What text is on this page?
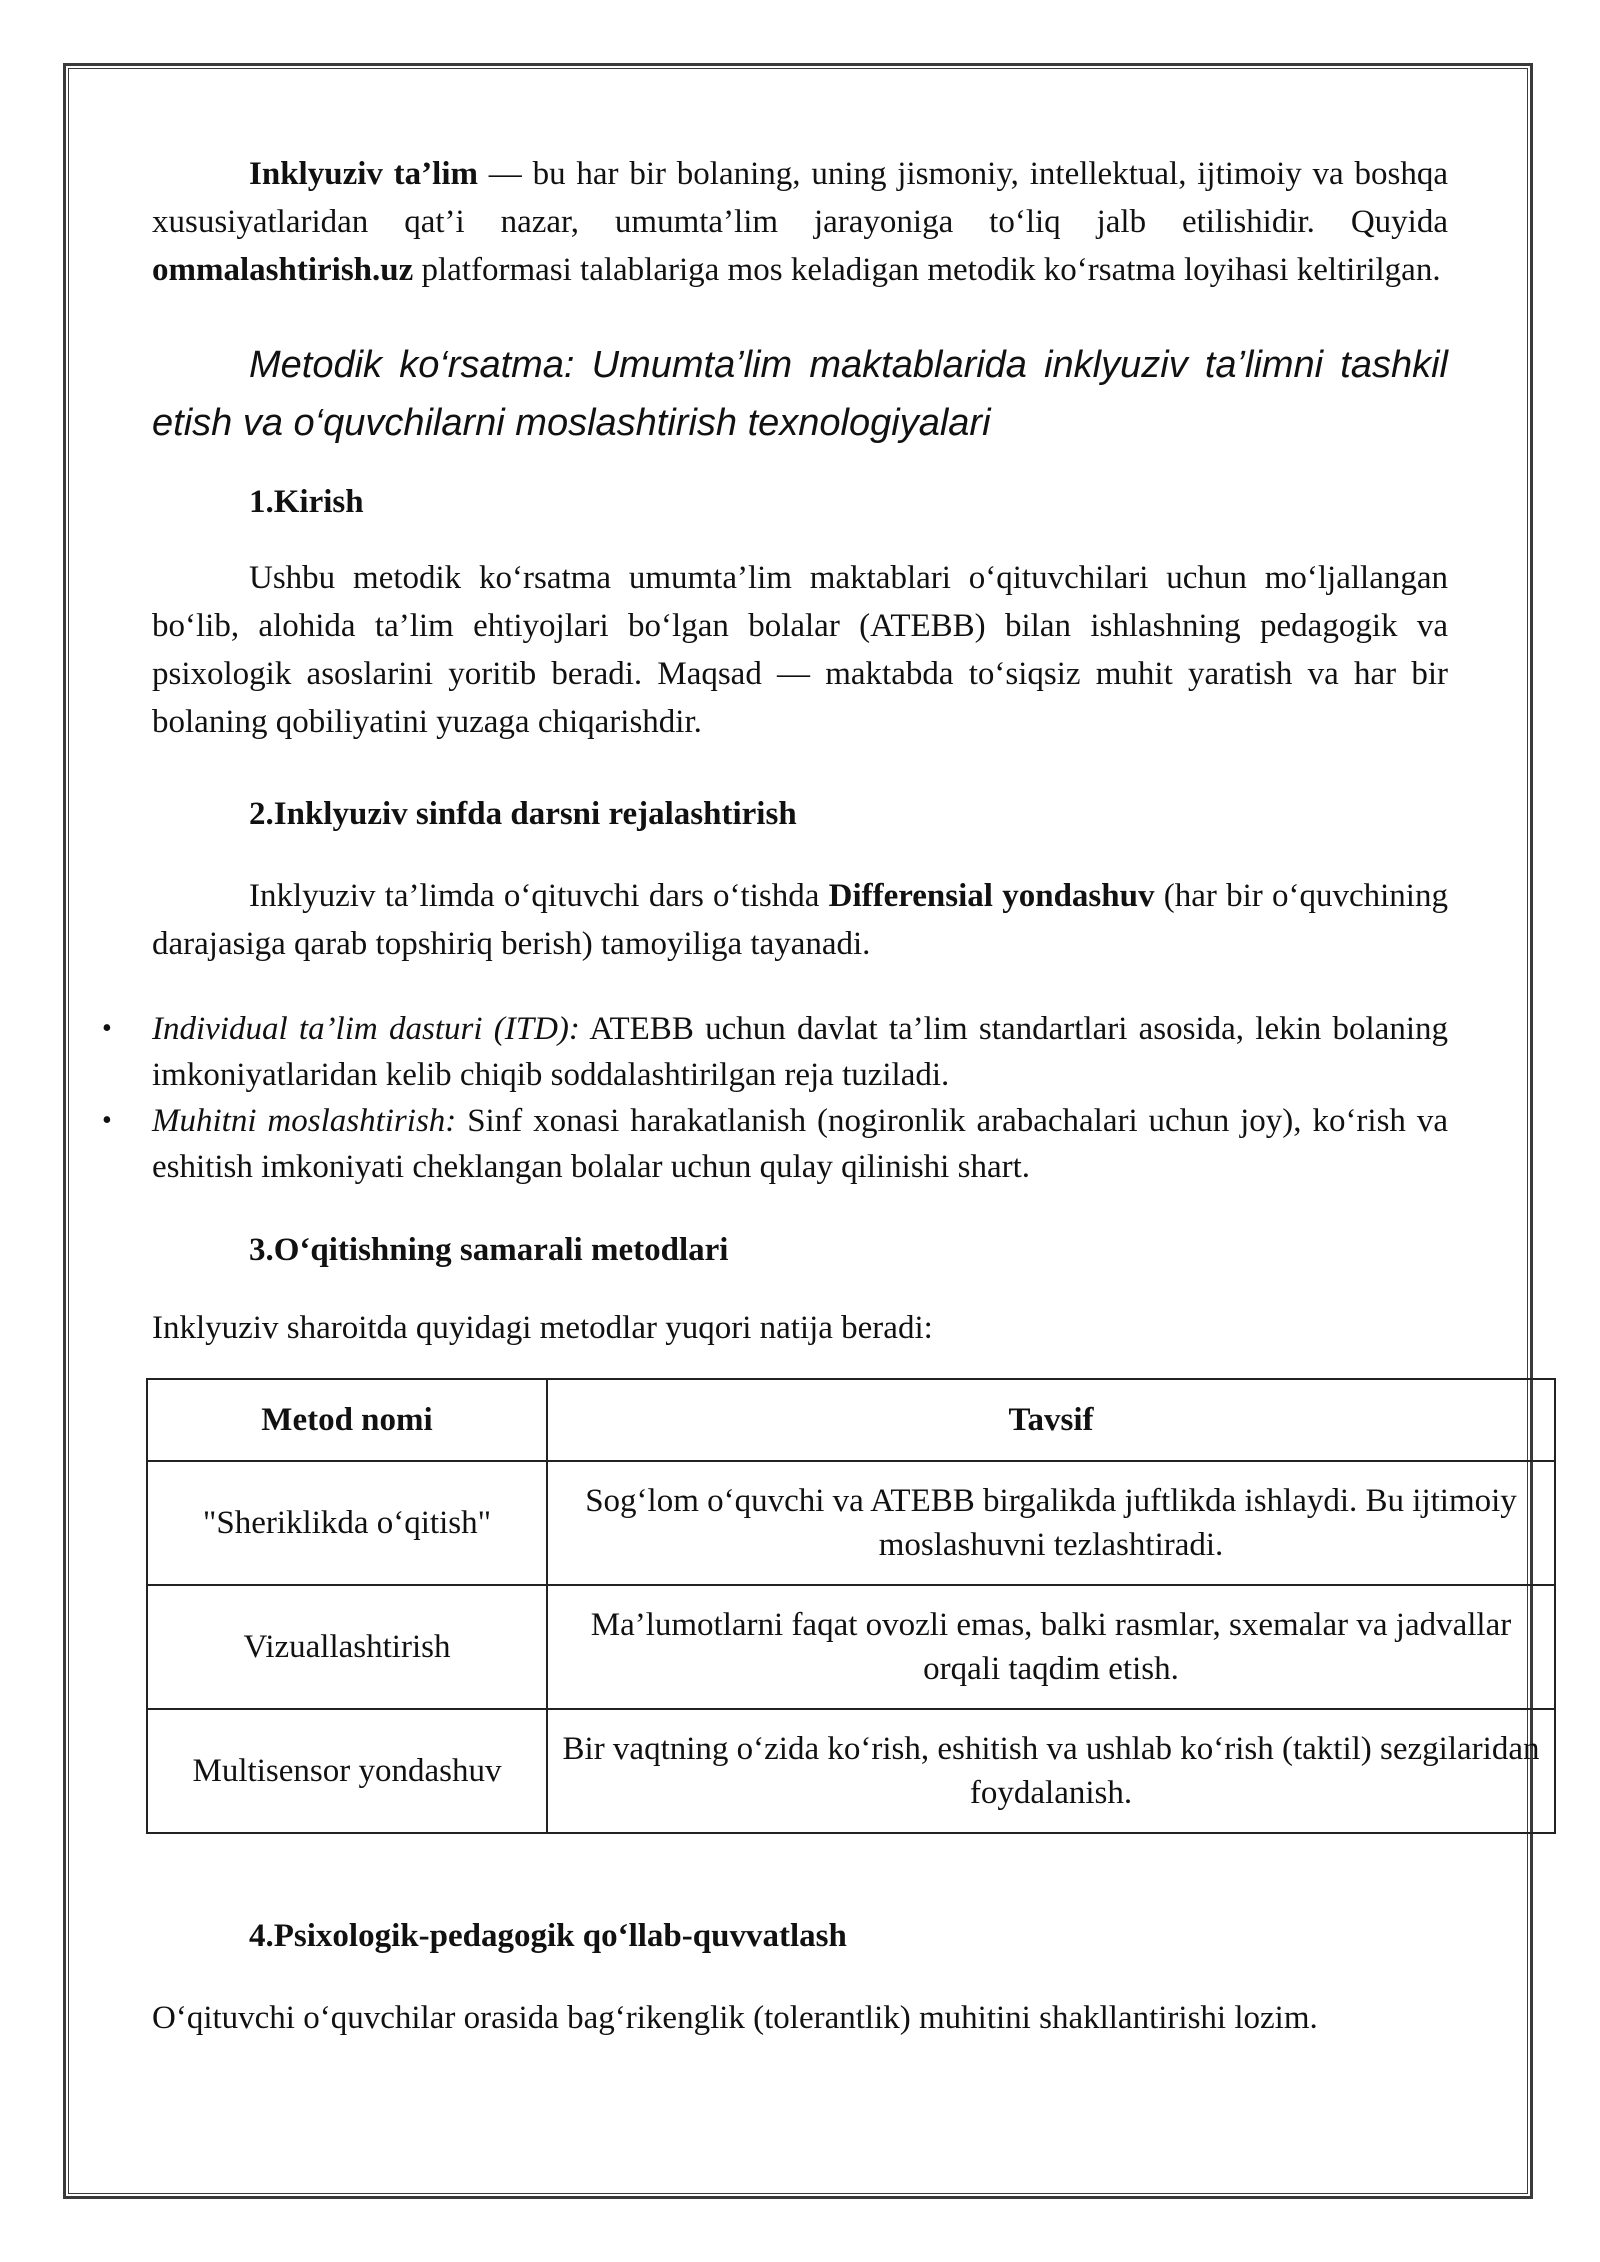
Inklyuziv ta’lim — bu har bir bolaning, uning jismoniy, intellektual, ijtimoiy va boshqa xususiyatlaridan qat’i nazar, umumta’lim jarayoniga to‘liq jalb etilishidir. Quyida ommalashtirish.uz platformasi talablariga mos keladigan metodik ko‘rsatma loyihasi keltirilgan.

Metodik ko‘rsatma: Umumta’lim maktablarida inklyuziv ta’limni tashkil etish va o‘quvchilarni moslashtirish texnologiyalari

1.Kirish

Ushbu metodik ko‘rsatma umumta’lim maktablari o‘qituvchilari uchun mo‘ljallangan bo‘lib, alohida ta’lim ehtiyojlari bo‘lgan bolalar (ATEBB) bilan ishlashning pedagogik va psixologik asoslarini yoritib beradi. Maqsad — maktabda to‘siqsiz muhit yaratish va har bir bolaning qobiliyatini yuzaga chiqarishdir.

2.Inklyuziv sinfda darsni rejalashtirish

Inklyuziv ta’limda o‘qituvchi dars o‘tishda Differensial yondashuv (har bir o‘quvchining darajasiga qarab topshiriq berish) tamoyiliga tayanadi.

• Individual ta’lim dasturi (ITD): ATEBB uchun davlat ta’lim standartlari asosida, lekin bolaning imkoniyatlaridan kelib chiqib soddalashtirilgan reja tuziladi.
• Muhitni moslashtirish: Sinf xonasi harakatlanish (nogironlik arabachalari uchun joy), ko‘rish va eshitish imkoniyati cheklangan bolalar uchun qulay qilinishi shart.

3.O‘qitishning samarali metodlari

Inklyuziv sharoitda quyidagi metodlar yuqori natija beradi:

Metod nomi	Tavsif
"Sheriklikda o‘qitish"	Sog‘lom o‘quvchi va ATEBB birgalikda juftlikda ishlaydi. Bu ijtimoiy moslashuvni tezlashtiradi.
Vizuallashtirish	Ma’lumotlarni faqat ovozli emas, balki rasmlar, sxemalar va jadvallar orqali taqdim etish.
Multisensor yondashuv	Bir vaqtning o‘zida ko‘rish, eshitish va ushlab ko‘rish (taktil) sezgilaridan foydalanish.

4.Psixologik-pedagogik qo‘llab-quvvatlash

O‘qituvchi o‘quvchilar orasida bag‘rikenglik (tolerantlik) muhitini shakllantirishi lozim.
